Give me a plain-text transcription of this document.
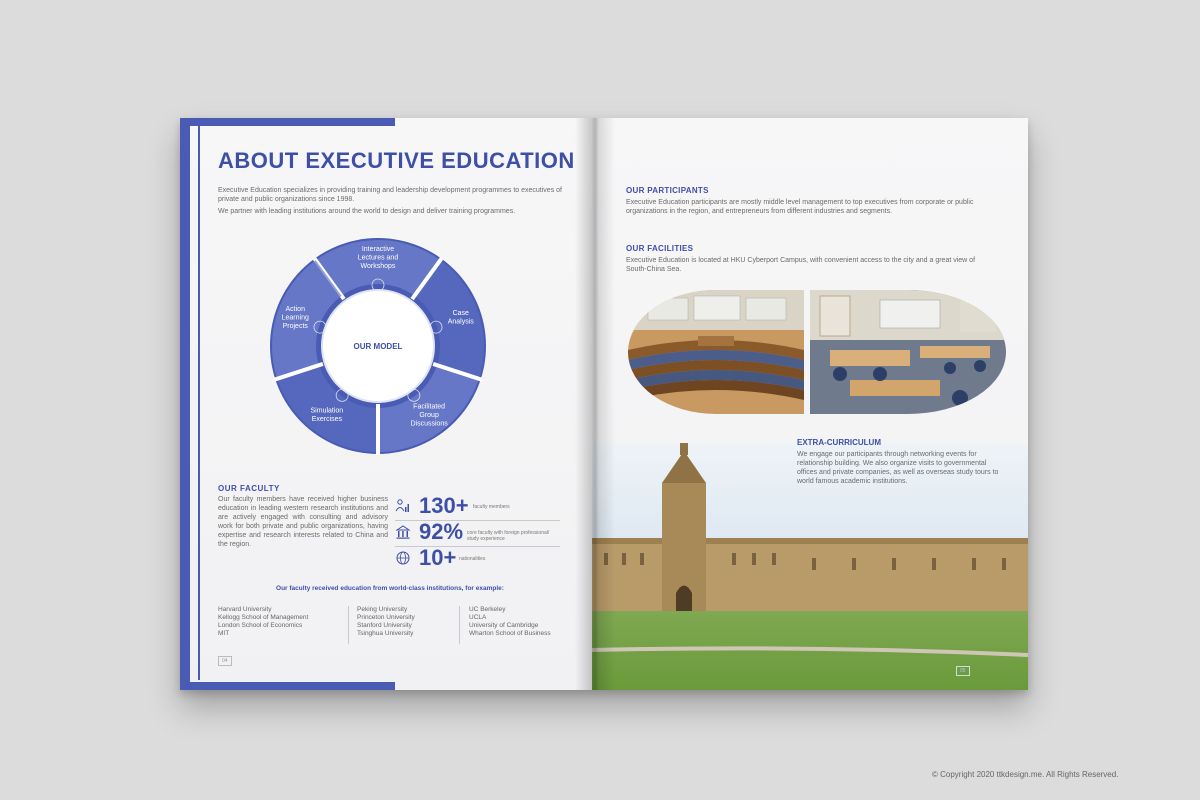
ABOUT EXECUTIVE EDUCATION

Executive Education specializes in providing training and leadership development programmes to executives of private and public organizations since 1998.

We partner with leading institutions around the world to design and deliver training programmes.

Interactive Lectures and Workshops
Case Analysis
Facilitated Group Discussions
Simulation Exercises
Action Learning Projects
OUR MODEL
OUR FACULTY
Our faculty members have received higher business education in leading western research institutions and are actively engaged with consulting and advisory work for both private and public organizations, having expertise and research interests related to China and the region.
130+ faculty members
92% core faculty with foreign professional/ study experience
10+ nationalities
Our faculty received education from world-class institutions, for example:
Harvard University
Kellogg School of Management
London School of Economics
MIT
Peking University
Princeton University
Stanford University
Tsinghua University
UC Berkeley
UCLA
University of Cambridge
Wharton School of Business
04
OUR PARTICIPANTS
Executive Education participants are mostly middle level management to top executives from corporate or public organizations in the region, and entrepreneurs from different industries and segments.
OUR FACILITIES
Executive Education is located at HKU Cyberport Campus, with convenient access to the city and a great view of South-China Sea.
EXTRA-CURRICULUM
We engage our participants through networking events for relationship building. We also organize visits to governmental offices and private companies, as well as overseas study tours to world famous academic institutions.
05
© Copyright 2020 ttkdesign.me. All Rights Reserved.
